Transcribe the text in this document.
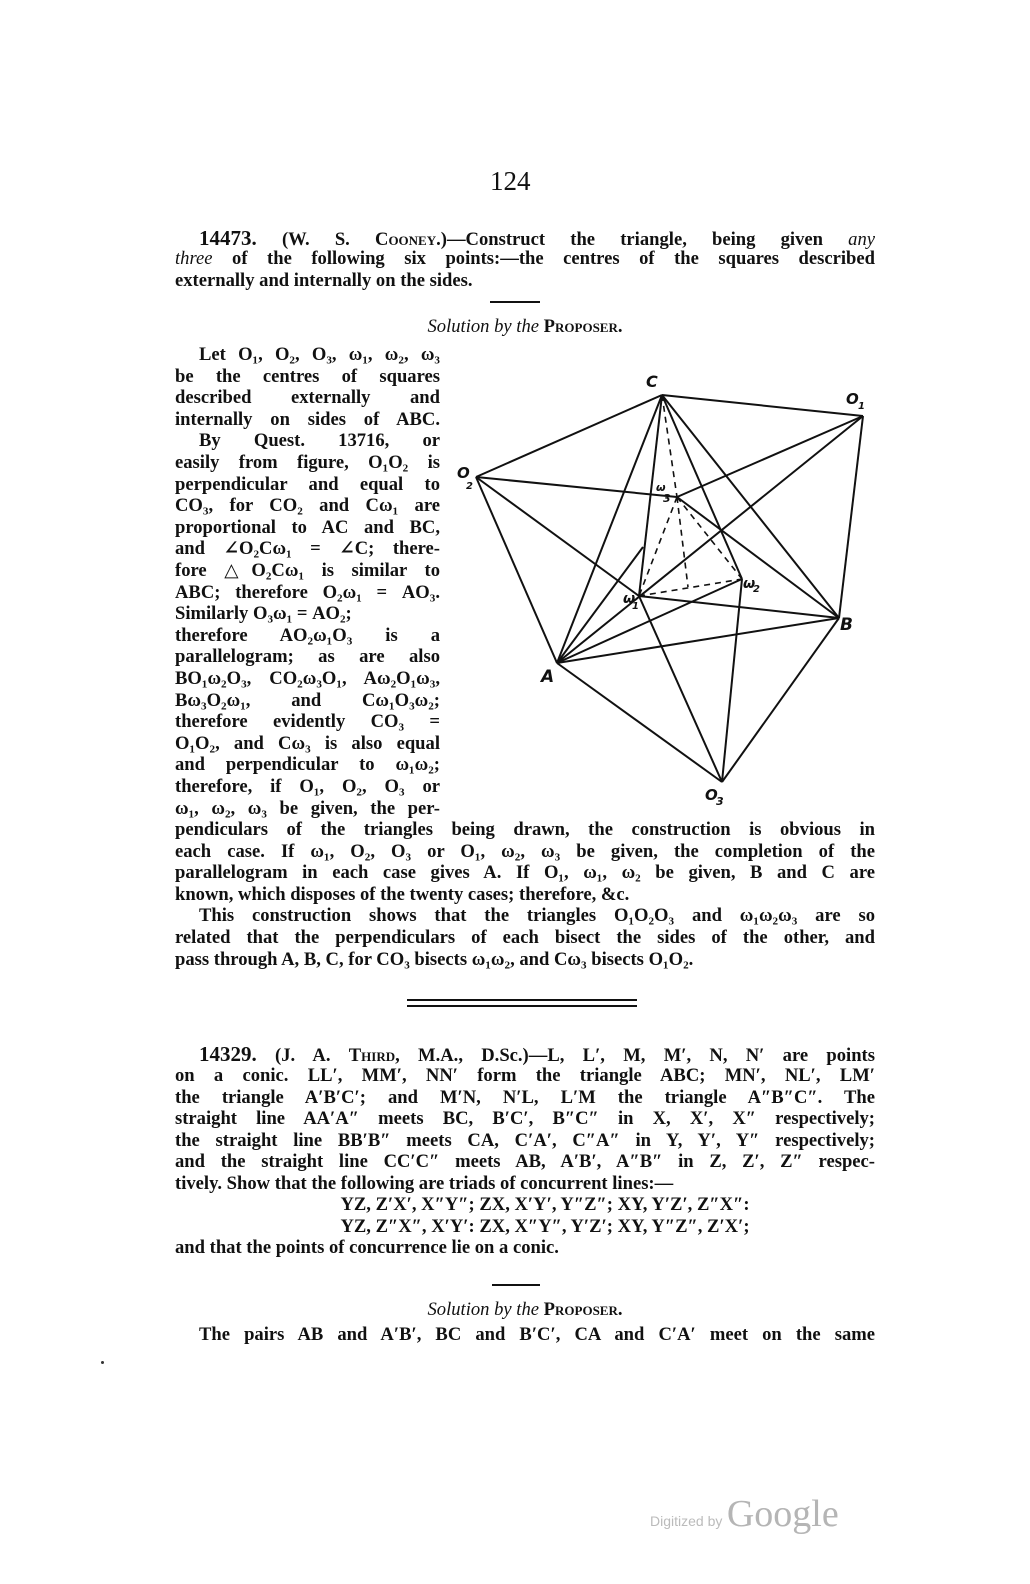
124
14473. (W. S. Cooney.)—Construct the triangle, being given any
three of the following six points:—the centres of the squares described
externally and internally on the sides.
Solution by the Proposer.
Let O₁, O₂, O₃, ω₁, ω₂, ω₃
be the centres of squares
described externally and
internally on sides of ABC.
By Quest. 13716, or
easily from figure, O₁O₂ is
perpendicular and equal to
CO₃, for CO₂ and Cω₁ are
proportional to AC and BC,
and ∠O₂Cω₁ = ∠C; there-
fore △O₂Cω₁ is similar to
ABC; therefore O₂ω₁ = AO₃.
Similarly O₃ω₁ = AO₂;
therefore AO₂ω₁O₃ is a
parallelogram; as are also
BO₁ω₂O₃, CO₂ω₃O₁, Aω₂O₁ω₃,
Bω₃O₂ω₁, and Cω₁O₃ω₂;
therefore evidently CO₃ =
O₁O₂, and Cω₃ is also equal
and perpendicular to ω₁ω₂;
therefore, if O₁, O₂, O₃ or
ω₁, ω₂, ω₃ be given, the per-
pendiculars of the triangles being drawn, the construction is obvious in
each case. If ω₁, O₂, O₃ or O₁, ω₂, ω₃ be given, the completion of the
parallelogram in each case gives A. If O₁, ω₁, ω₂ be given, B and C are
known, which disposes of the twenty cases; therefore, &c.
This construction shows that the triangles O₁O₂O₃ and ω₁ω₂ω₃ are so
related that the perpendiculars of each bisect the sides of the other, and
pass through A, B, C, for CO₃ bisects ω₁ω₂, and Cω₃ bisects O₁O₂.
C
O 1
O
2	ω
3
ω
2
ω
1
B
A
O
3
14329. (J. A. Third, M.A., D.Sc.)—L, L′, M, M′, N, N′ are points
on a conic. LL′, MM′, NN′ form the triangle ABC; MN′, NL′, LM′
the triangle A′B′C′; and M′N, N′L, L′M the triangle A″B″C″. The
straight line AA′A″ meets BC, B′C′, B″C″ in X, X′, X″ respectively;
the straight line BB′B″ meets CA, C′A′, C″A″ in Y, Y′, Y″ respectively;
and the straight line CC′C″ meets AB, A′B′, A″B″ in Z, Z′, Z″ respec-
tively. Show that the following are triads of concurrent lines:—
YZ, Z′X′, X″Y″; ZX, X′Y′, Y″Z″; XY, Y′Z′, Z″X″:
YZ, Z″X″, X′Y′: ZX, X″Y″, Y′Z′; XY, Y″Z″, Z′X′;
and that the points of concurrence lie on a conic.
Solution by the Proposer.
The pairs AB and A′B′, BC and B′C′, CA and C′A′ meet on the same
Digitized by Google
